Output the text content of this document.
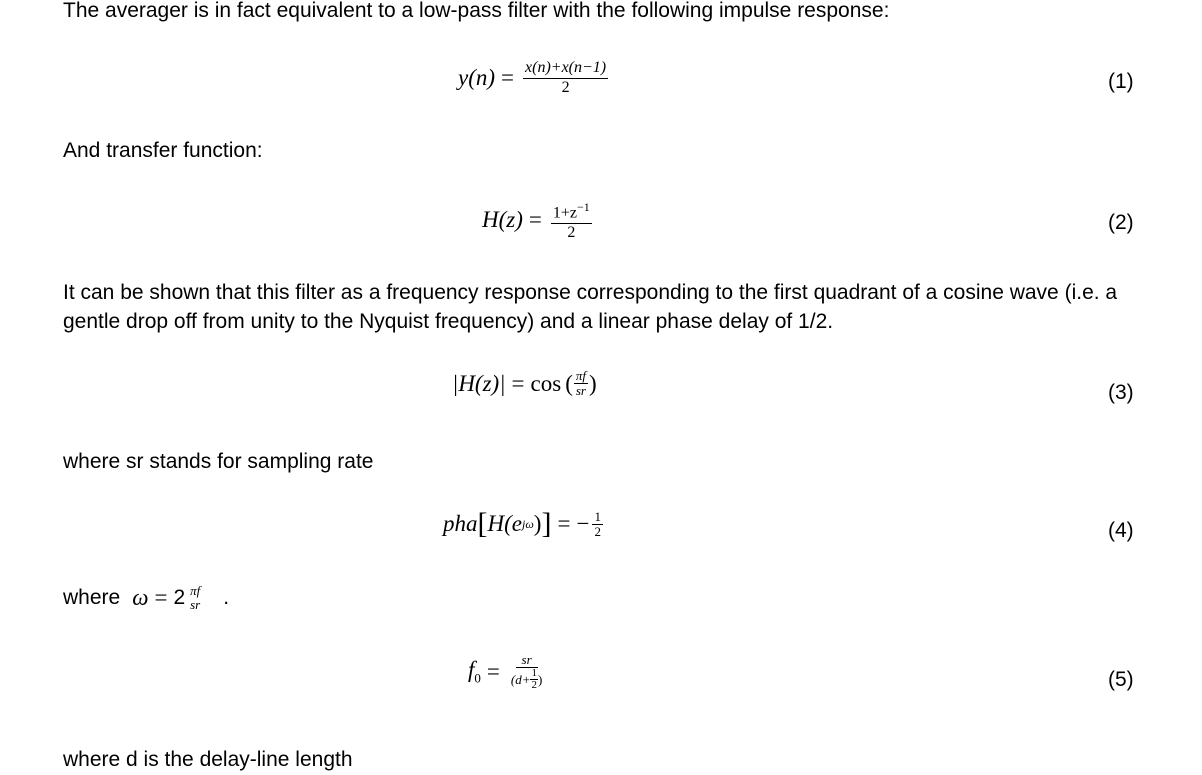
The averager is in fact equivalent to a low-pass filter with the following impulse response:
$y(n) = \frac{x(n)+x(n-1)}{2}$	(1)
And transfer function:
$H(z) = \frac{1+z^{-1}}{2}$	(2)
It can be shown that this filter as a frequency response corresponding to the first quadrant of a cosine wave (i.e. a gentle drop off from unity to the Nyquist frequency) and a linear phase delay of 1/2.
|H(z)| = cos ( $\frac{\pi f}{sr}$ )	(3)
where sr stands for sampling rate
pha [ H(e jω ) ] = − $\frac{1}{2}$	(4)
where ω = 2 πf
sr .
$f_0 = \frac{sr}{(d+ \frac{1}{2} )}$	(5)
where d is the delay-line length
